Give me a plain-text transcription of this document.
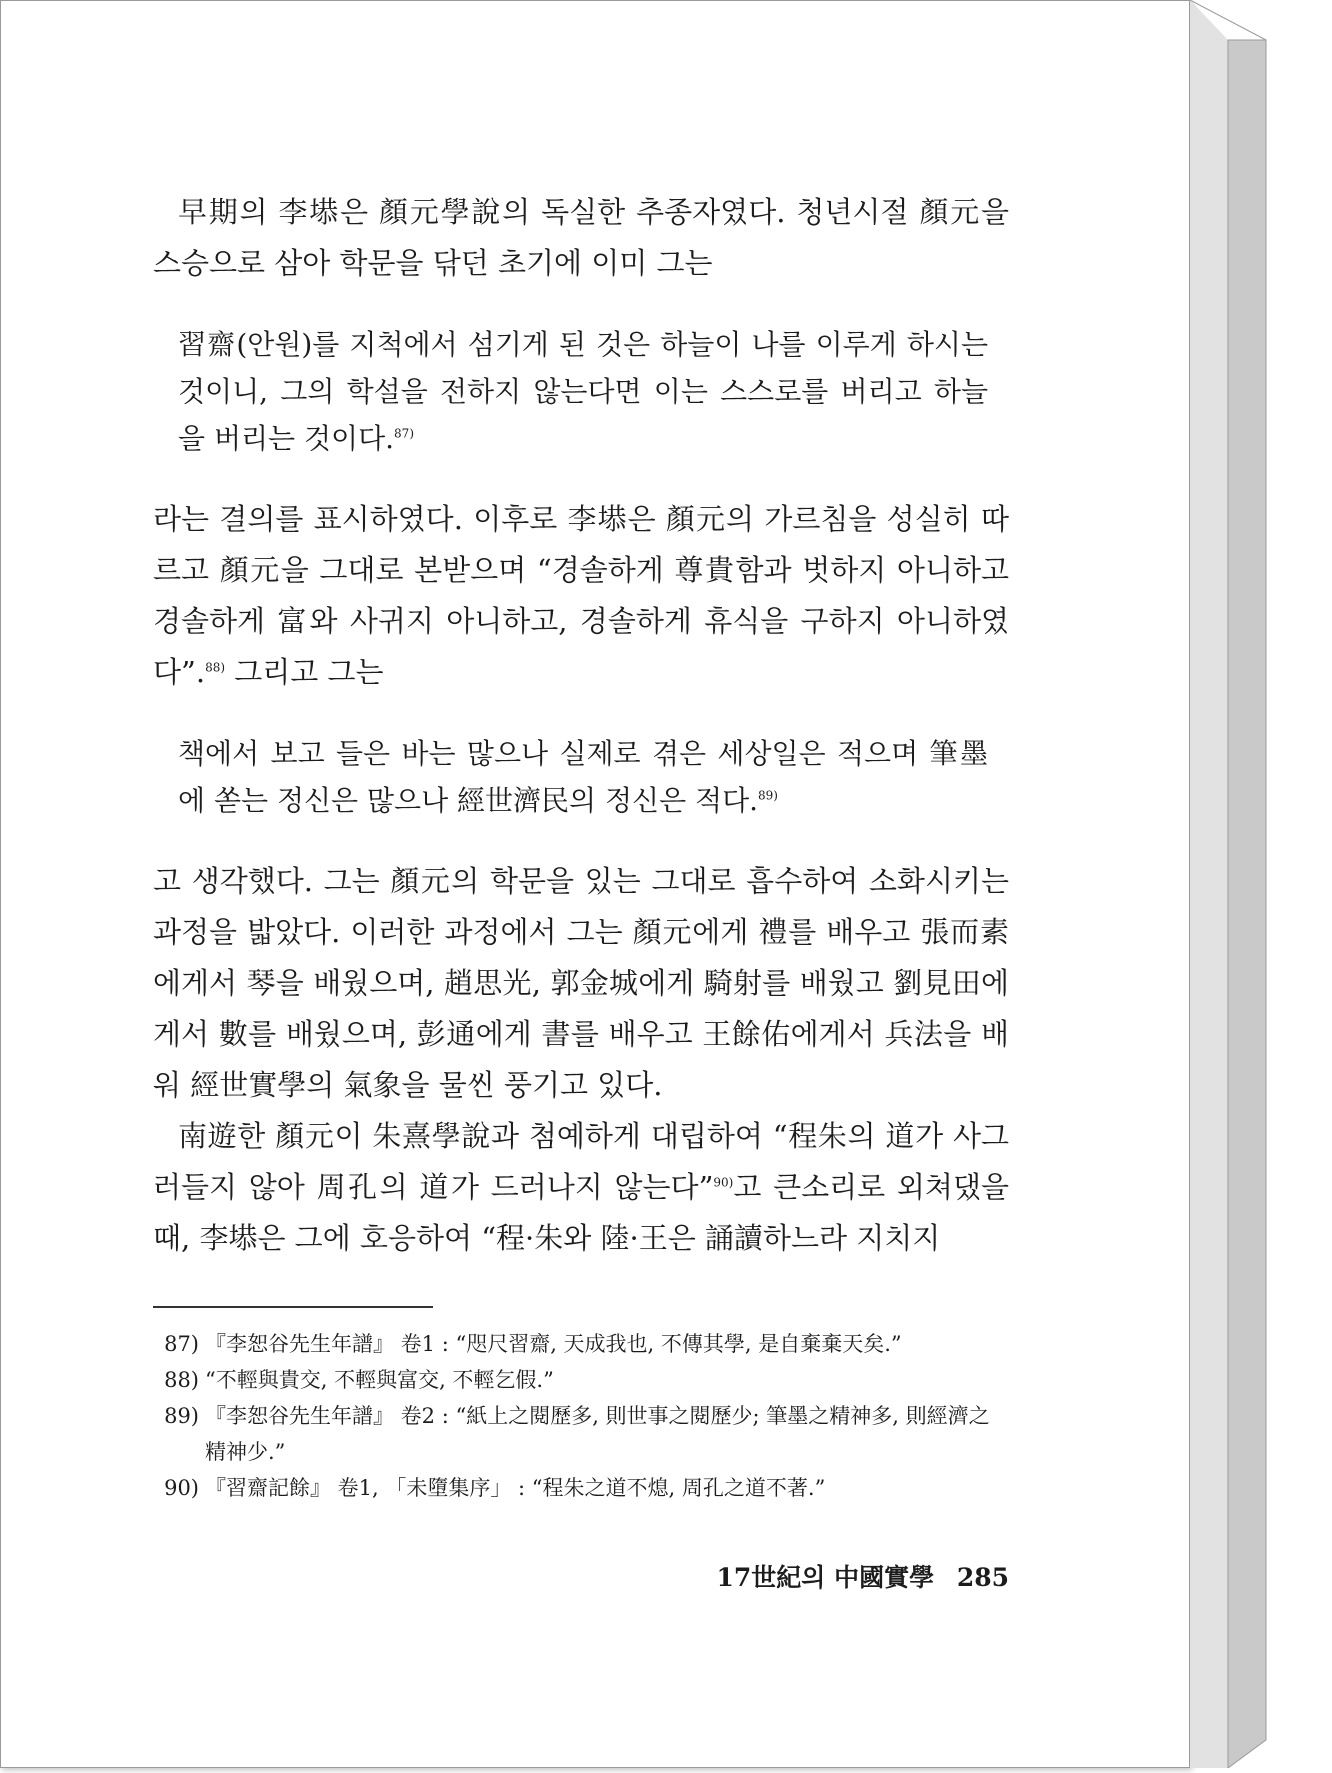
早期의 李塨은 顏元學說의 독실한 추종자였다. 청년시절 顏元을 스승으로 삼아 학문을 닦던 초기에 이미 그는

習齋(안원)를 지척에서 섬기게 된 것은 하늘이 나를 이루게 하시는 것이니, 그의 학설을 전하지 않는다면 이는 스스로를 버리고 하늘을 버리는 것이다.$^{87)}$

라는 결의를 표시하였다. 이후로 李塨은 顏元의 가르침을 성실히 따르고 顏元을 그대로 본받으며 “경솔하게 尊貴함과 벗하지 아니하고 경솔하게 富와 사귀지 아니하고, 경솔하게 휴식을 구하지 아니하였다”.$^{88)}$ 그리고 그는

책에서 보고 들은 바는 많으나 실제로 겪은 세상일은 적으며 筆墨에 쏟는 정신은 많으나 經世濟民의 정신은 적다.$^{89)}$

고 생각했다. 그는 顏元의 학문을 있는 그대로 흡수하여 소화시키는 과정을 밟았다. 이러한 과정에서 그는 顏元에게 禮를 배우고 張而素에게서 琴을 배웠으며, 趙思光, 郭金城에게 騎射를 배웠고 劉見田에게서 數를 배웠으며, 彭通에게 書를 배우고 王餘佑에게서 兵法을 배워 經世實學의 氣象을 물씬 풍기고 있다.

南遊한 顏元이 朱熹學說과 첨예하게 대립하여 “程朱의 道가 사그러들지 않아 周孔의 道가 드러나지 않는다”$^{90)}$고 큰소리로 외쳐댔을 때, 李塨은 그에 호응하여 “程·朱와 陸·王은 誦讀하느라 지치지

87) 『李恕谷先生年譜』 卷1 : “咫尺習齋, 天成我也, 不傳其學, 是自棄棄天矣.”
88) “不輕與貴交, 不輕與富交, 不輕乞假.”
89) 『李恕谷先生年譜』 卷2 : “紙上之閱歷多, 則世事之閱歷少; 筆墨之精神多, 則經濟之精神少.”
90) 『習齋記餘』 卷1, 「未墮集序」 : “程朱之道不熄, 周孔之道不著.”
17世紀의 中國實學 285
